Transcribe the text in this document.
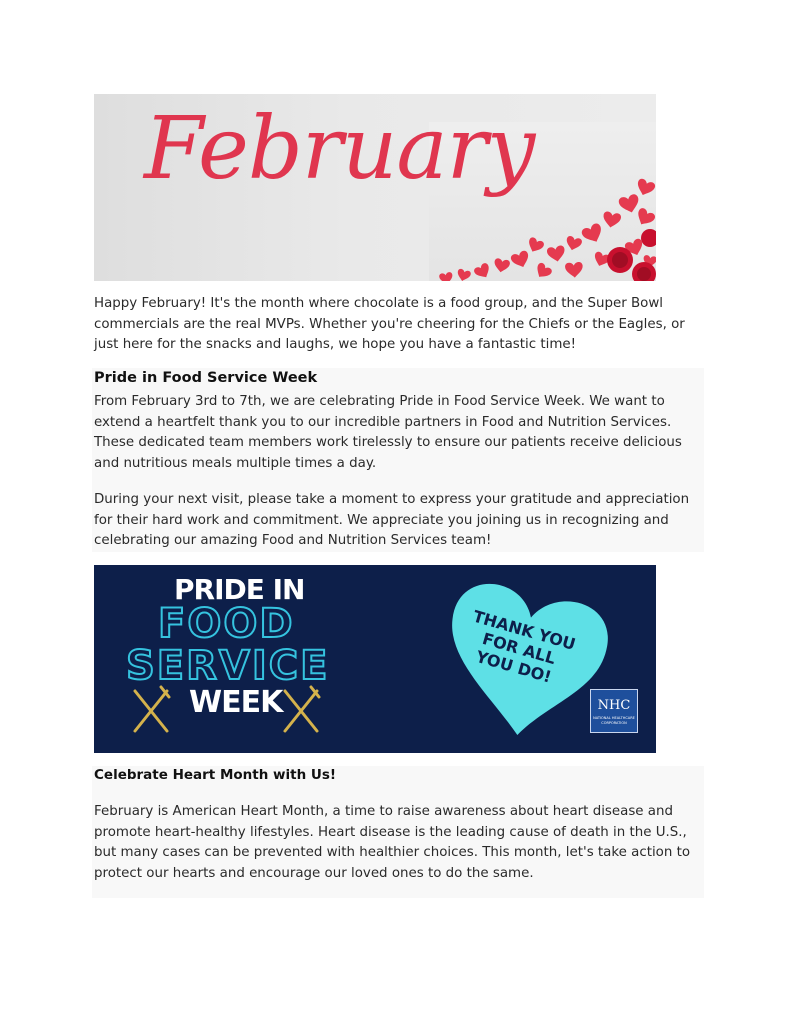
February

Happy February! It's the month where chocolate is a food group, and the Super Bowl commercials are the real MVPs. Whether you're cheering for the Chiefs or the Eagles, or just here for the snacks and laughs, we hope you have a fantastic time!

Pride in Food Service Week

From February 3rd to 7th, we are celebrating Pride in Food Service Week. We want to extend a heartfelt thank you to our incredible partners in Food and Nutrition Services. These dedicated team members work tirelessly to ensure our patients receive delicious and nutritious meals multiple times a day.

During your next visit, please take a moment to express your gratitude and appreciation for their hard work and commitment. We appreciate you joining us in recognizing and celebrating our amazing Food and Nutrition Services team!

PRIDE IN
FOOD
SERVICE
WEEK
THANK YOU FOR ALL YOU DO!
NHC
NATIONAL HEALTHCARE CORPORATION
Celebrate Heart Month with Us!

February is American Heart Month, a time to raise awareness about heart disease and promote heart-healthy lifestyles. Heart disease is the leading cause of death in the U.S., but many cases can be prevented with healthier choices. This month, let's take action to protect our hearts and encourage our loved ones to do the same.
